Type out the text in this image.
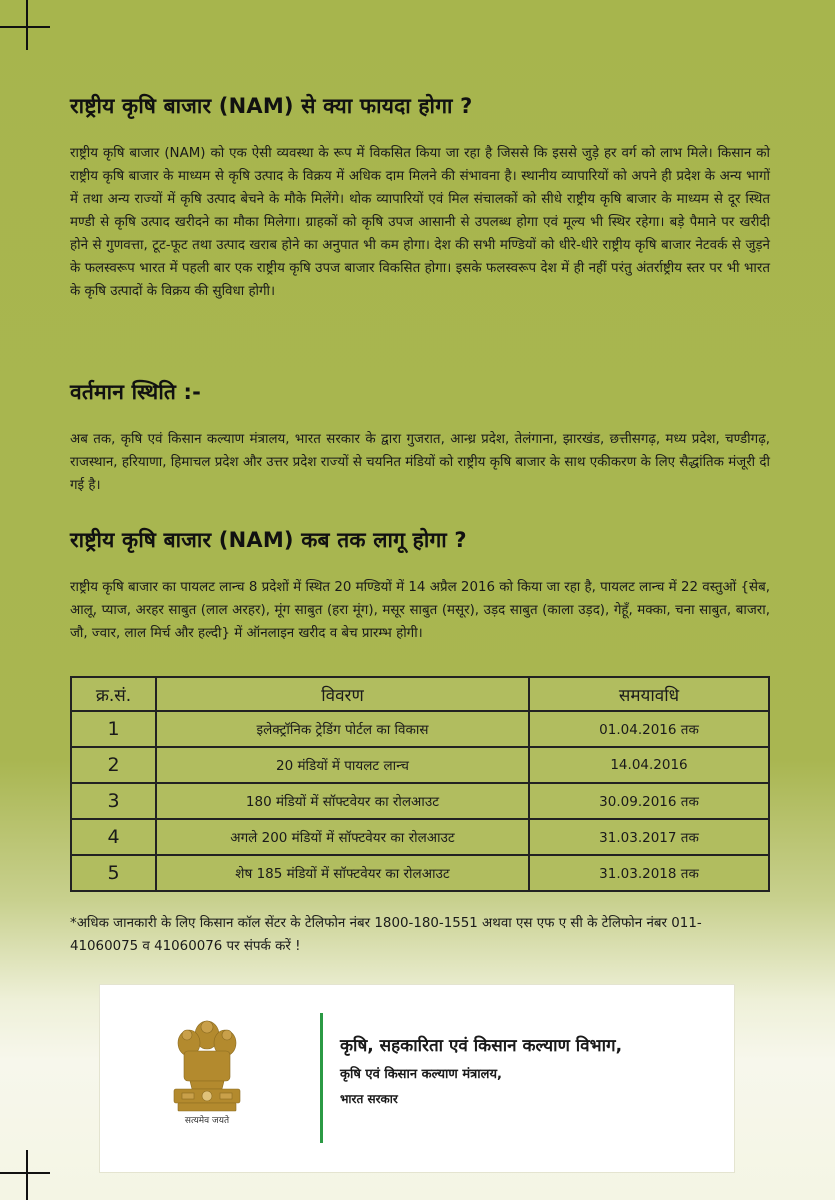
राष्ट्रीय कृषि बाजार (NAM) से क्या फायदा होगा ?

राष्ट्रीय कृषि बाजार (NAM) को एक ऐसी व्यवस्था के रूप में विकसित किया जा रहा है जिससे कि इससे जुड़े हर वर्ग को लाभ मिले। किसान को राष्ट्रीय कृषि बाजार के माध्यम से कृषि उत्पाद के विक्रय में अधिक दाम मिलने की संभावना है। स्थानीय व्यापारियों को अपने ही प्रदेश के अन्य भागों में तथा अन्य राज्यों में कृषि उत्पाद बेचने के मौके मिलेंगे। थोक व्यापारियों एवं मिल संचालकों को सीधे राष्ट्रीय कृषि बाजार के माध्यम से दूर स्थित मण्डी से कृषि उत्पाद खरीदने का मौका मिलेगा। ग्राहकों को कृषि उपज आसानी से उपलब्ध होगा एवं मूल्य भी स्थिर रहेगा। बड़े पैमाने पर खरीदी होने से गुणवत्ता, टूट-फूट तथा उत्पाद खराब होने का अनुपात भी कम होगा। देश की सभी मण्डियों को धीरे-धीरे राष्ट्रीय कृषि बाजार नेटवर्क से जुड़ने के फलस्वरूप भारत में पहली बार एक राष्ट्रीय कृषि उपज बाजार विकसित होगा। इसके फलस्वरूप देश में ही नहीं परंतु अंतर्राष्ट्रीय स्तर पर भी भारत के कृषि उत्पादों के विक्रय की सुविधा होगी।

वर्तमान स्थिति :-

अब तक, कृषि एवं किसान कल्याण मंत्रालय, भारत सरकार के द्वारा गुजरात, आन्ध्र प्रदेश, तेलंगाना, झारखंड, छत्तीसगढ़, मध्य प्रदेश, चण्डीगढ़, राजस्थान, हरियाणा, हिमाचल प्रदेश और उत्तर प्रदेश राज्यों से चयनित मंडियों को राष्ट्रीय कृषि बाजार के साथ एकीकरण के लिए सैद्धांतिक मंजूरी दी गई है।

राष्ट्रीय कृषि बाजार (NAM) कब तक लागू होगा ?

राष्ट्रीय कृषि बाजार का पायलट लान्च 8 प्रदेशों में स्थित 20 मण्डियों में 14 अप्रैल 2016 को किया जा रहा है, पायलट लान्च में 22 वस्तुओं {सेब, आलू, प्याज, अरहर साबुत (लाल अरहर), मूंग साबुत (हरा मूंग), मसूर साबुत (मसूर), उड़द साबुत (काला उड़द), गेहूँ, मक्का, चना साबुत, बाजरा, जौ, ज्वार, लाल मिर्च और हल्दी} में ऑनलाइन खरीद व बेच प्रारम्भ होगी।

क्र.सं.	विवरण	समयावधि
1	इलेक्ट्रॉनिक ट्रेडिंग पोर्टल का विकास	01.04.2016 तक
2	20 मंडियों में पायलट लान्च	14.04.2016
3	180 मंडियों में सॉफ्टवेयर का रोलआउट	30.09.2016 तक
4	अगले 200 मंडियों में सॉफ्टवेयर का रोलआउट	31.03.2017 तक
5	शेष 185 मंडियों में सॉफ्टवेयर का रोलआउट	31.03.2018 तक

*अधिक जानकारी के लिए किसान कॉल सेंटर के टेलिफोन नंबर 1800-180-1551 अथवा एस एफ ए सी के टेलिफोन नंबर 011- 41060075 व 41060076 पर संपर्क करें !

सत्यमेव जयते
कृषि, सहकारिता एवं किसान कल्याण विभाग,
कृषि एवं किसान कल्याण मंत्रालय,
भारत सरकार
